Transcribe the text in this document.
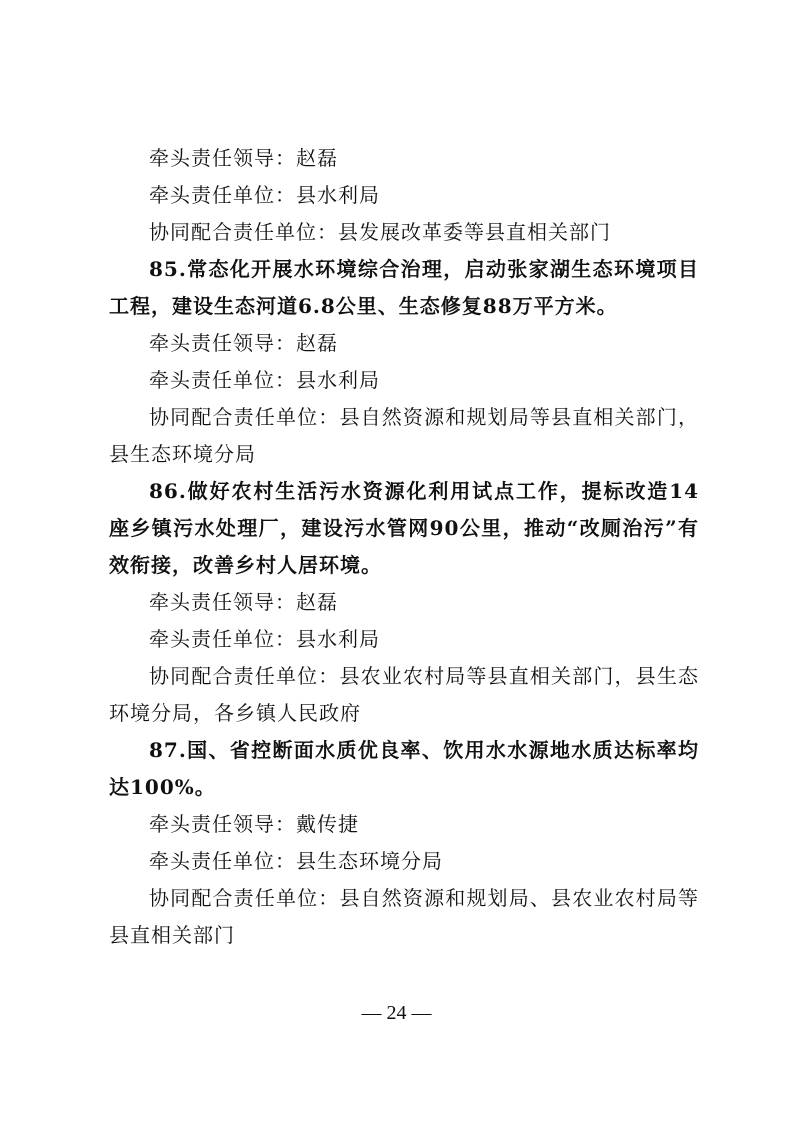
牵头责任领导：赵磊
牵头责任单位：县水利局
协同配合责任单位：县发展改革委等县直相关部门
85.常态化开展水环境综合治理，启动张家湖生态环境项目工程，建设生态河道6.8公里、生态修复88万平方米。
牵头责任领导：赵磊
牵头责任单位：县水利局
协同配合责任单位：县自然资源和规划局等县直相关部门，县生态环境分局
86.做好农村生活污水资源化利用试点工作，提标改造14座乡镇污水处理厂，建设污水管网90公里，推动“改厕治污”有效衔接，改善乡村人居环境。
牵头责任领导：赵磊
牵头责任单位：县水利局
协同配合责任单位：县农业农村局等县直相关部门，县生态环境分局，各乡镇人民政府
87.国、省控断面水质优良率、饮用水水源地水质达标率均达100%。
牵头责任领导：戴传捷
牵头责任单位：县生态环境分局
协同配合责任单位：县自然资源和规划局、县农业农村局等县直相关部门
— 24 —
